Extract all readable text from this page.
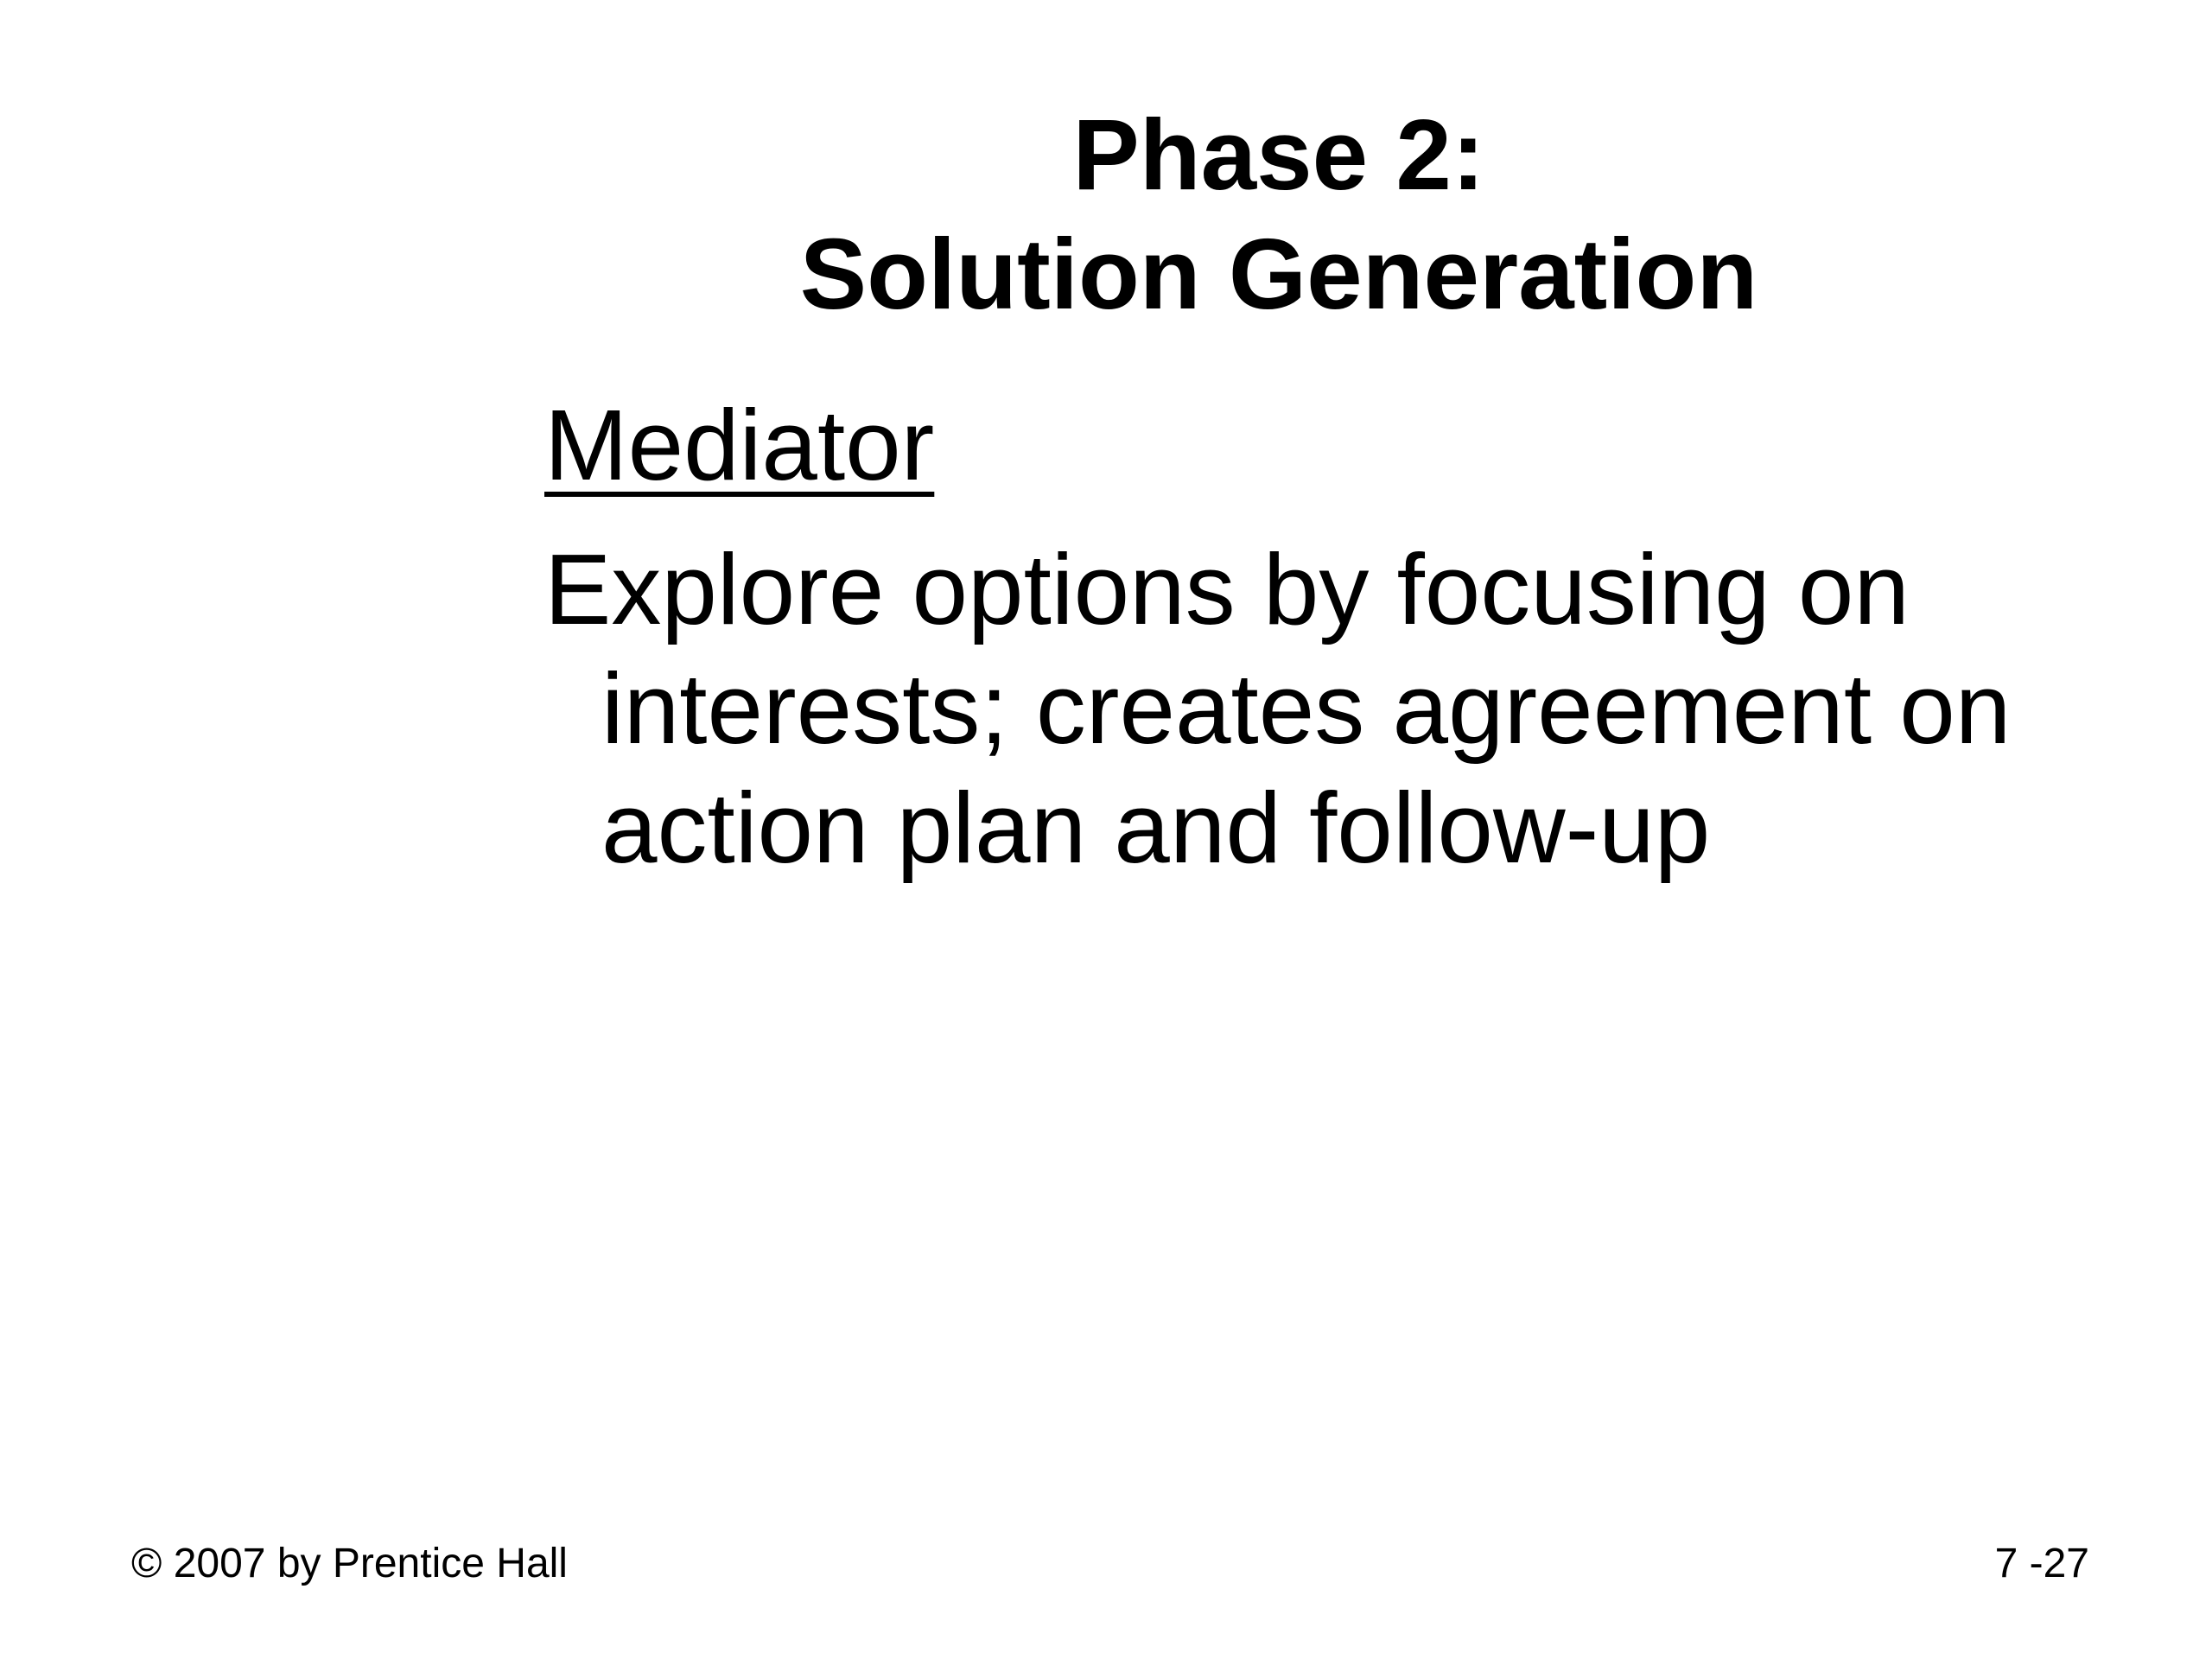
Phase 2:
Solution Generation

Mediator

Explore options by focusing on interests; creates agreement on action plan and follow-up

© 2007 by Prentice Hall	7 -27
